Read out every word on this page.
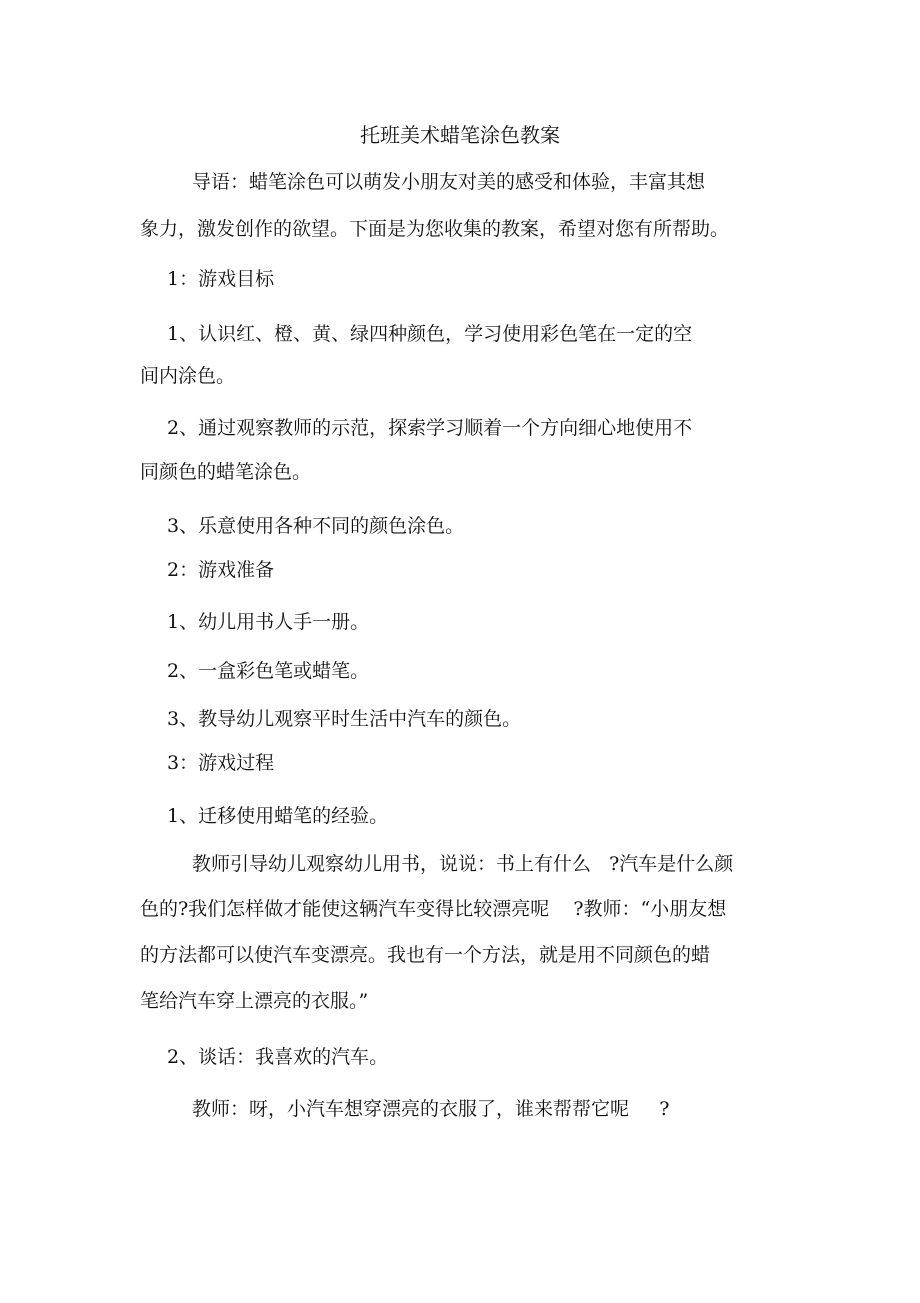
托班美术蜡笔涂色教案

导语：蜡笔涂色可以萌发小朋友对美的感受和体验，丰富其想

象力，激发创作的欲望。下面是为您收集的教案，希望对您有所帮助。

1：游戏目标

1、认识红、橙、黄、绿四种颜色，学习使用彩色笔在一定的空

间内涂色。

2、通过观察教师的示范，探索学习顺着一个方向细心地使用不

同颜色的蜡笔涂色。

3、乐意使用各种不同的颜色涂色。

2：游戏准备

1、幼儿用书人手一册。

2、一盒彩色笔或蜡笔。

3、教导幼儿观察平时生活中汽车的颜色。

3：游戏过程

1、迁移使用蜡笔的经验。

教师引导幼儿观察幼儿用书，说说：书上有什么   ?汽车是什么颜

色的?我们怎样做才能使这辆汽车变得比较漂亮呢    ?教师：“小朋友想

的方法都可以使汽车变漂亮。我也有一个方法，就是用不同颜色的蜡

笔给汽车穿上漂亮的衣服。”

2、谈话：我喜欢的汽车。

教师：呀，小汽车想穿漂亮的衣服了，谁来帮帮它呢     ?
